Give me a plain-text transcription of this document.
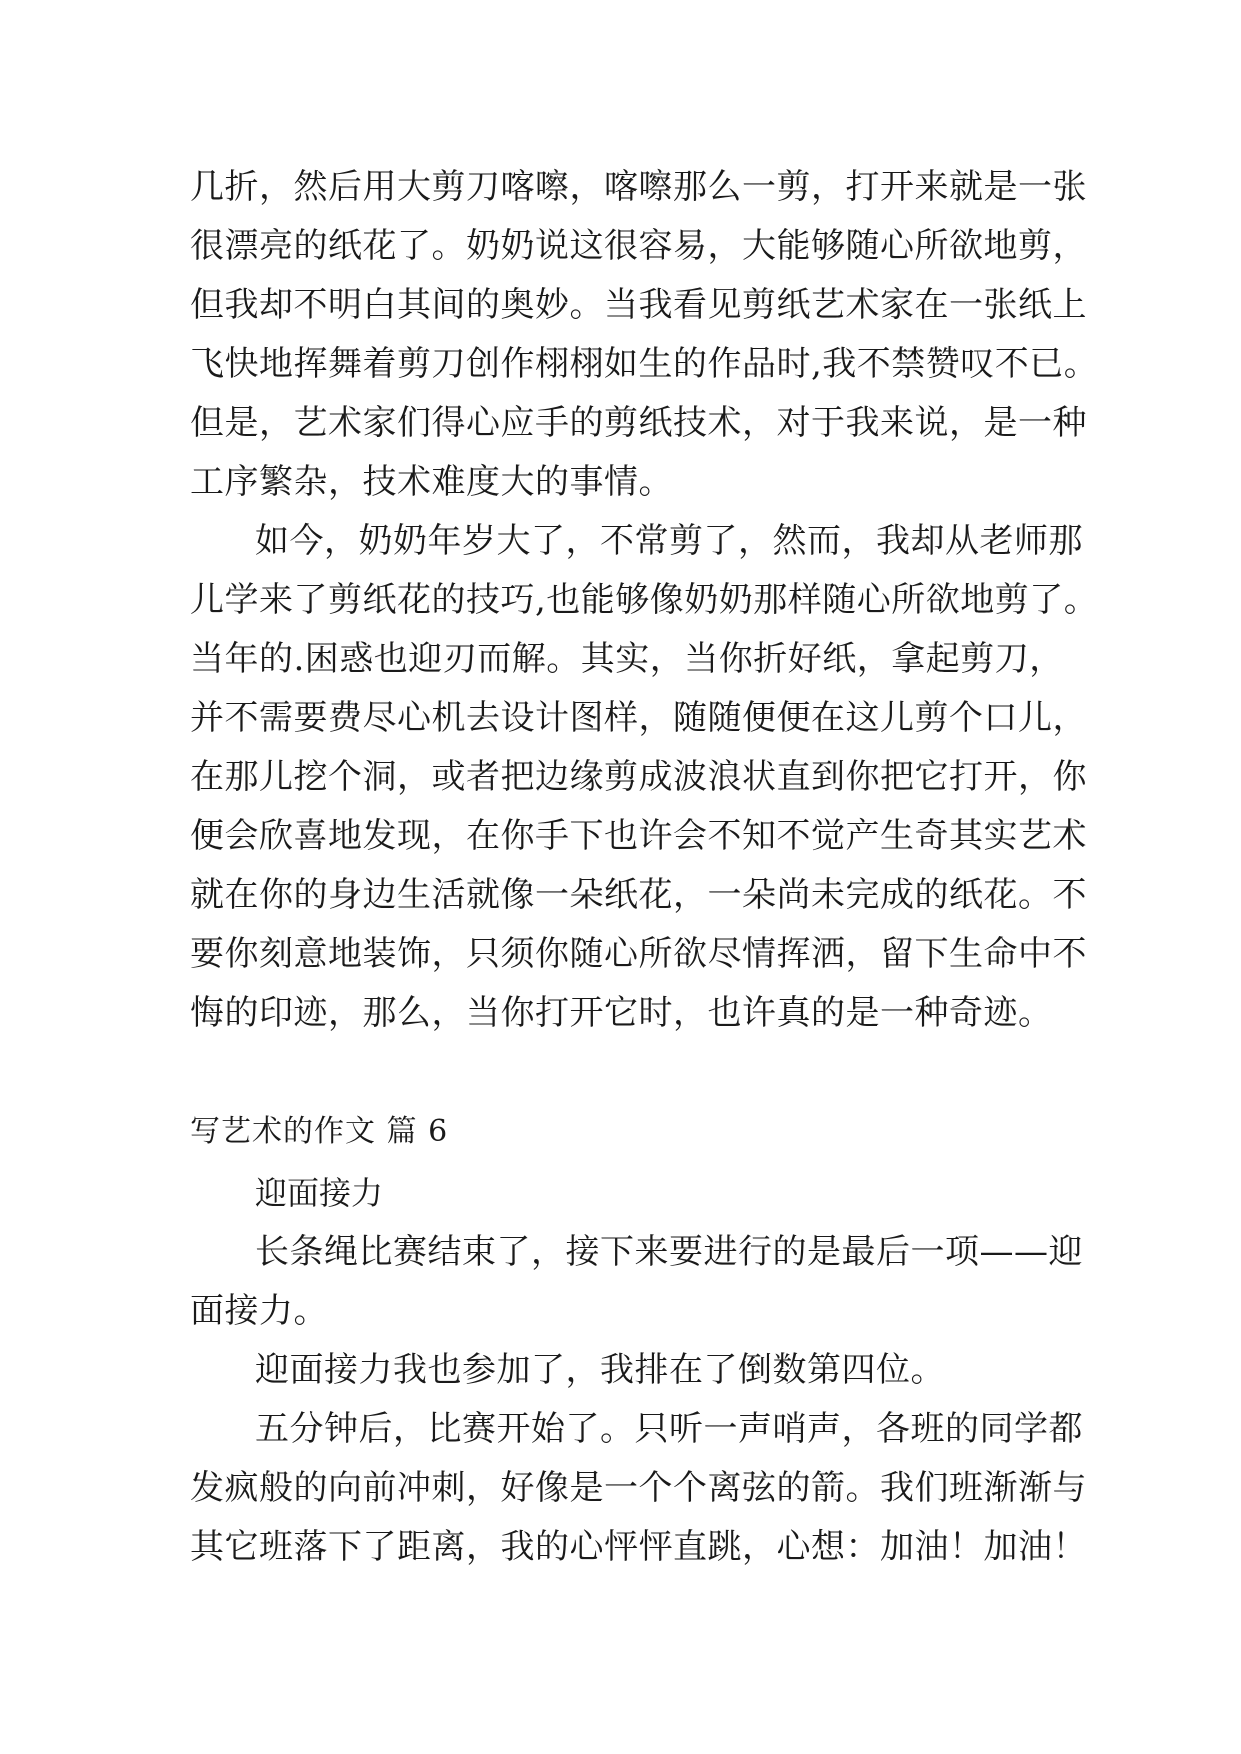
几折，然后用大剪刀喀嚓，喀嚓那么一剪，打开来就是一张
很漂亮的纸花了。奶奶说这很容易，大能够随心所欲地剪，
但我却不明白其间的奥妙。当我看见剪纸艺术家在一张纸上
飞快地挥舞着剪刀创作栩栩如生的作品时,我不禁赞叹不已。
但是，艺术家们得心应手的剪纸技术，对于我来说，是一种
工序繁杂，技术难度大的事情。
如今，奶奶年岁大了，不常剪了，然而，我却从老师那
儿学来了剪纸花的技巧,也能够像奶奶那样随心所欲地剪了。
当年的.困惑也迎刃而解。其实，当你折好纸，拿起剪刀，
并不需要费尽心机去设计图样，随随便便在这儿剪个口儿，
在那儿挖个洞，或者把边缘剪成波浪状直到你把它打开，你
便会欣喜地发现，在你手下也许会不知不觉产生奇其实艺术
就在你的身边生活就像一朵纸花，一朵尚未完成的纸花。不
要你刻意地装饰，只须你随心所欲尽情挥洒，留下生命中不
悔的印迹，那么，当你打开它时，也许真的是一种奇迹。
写艺术的作文 篇 6
迎面接力
长条绳比赛结束了，接下来要进行的是最后一项——迎
面接力。
迎面接力我也参加了，我排在了倒数第四位。
五分钟后，比赛开始了。只听一声哨声，各班的同学都
发疯般的向前冲刺，好像是一个个离弦的箭。我们班渐渐与
其它班落下了距离，我的心怦怦直跳，心想：加油！加油！
